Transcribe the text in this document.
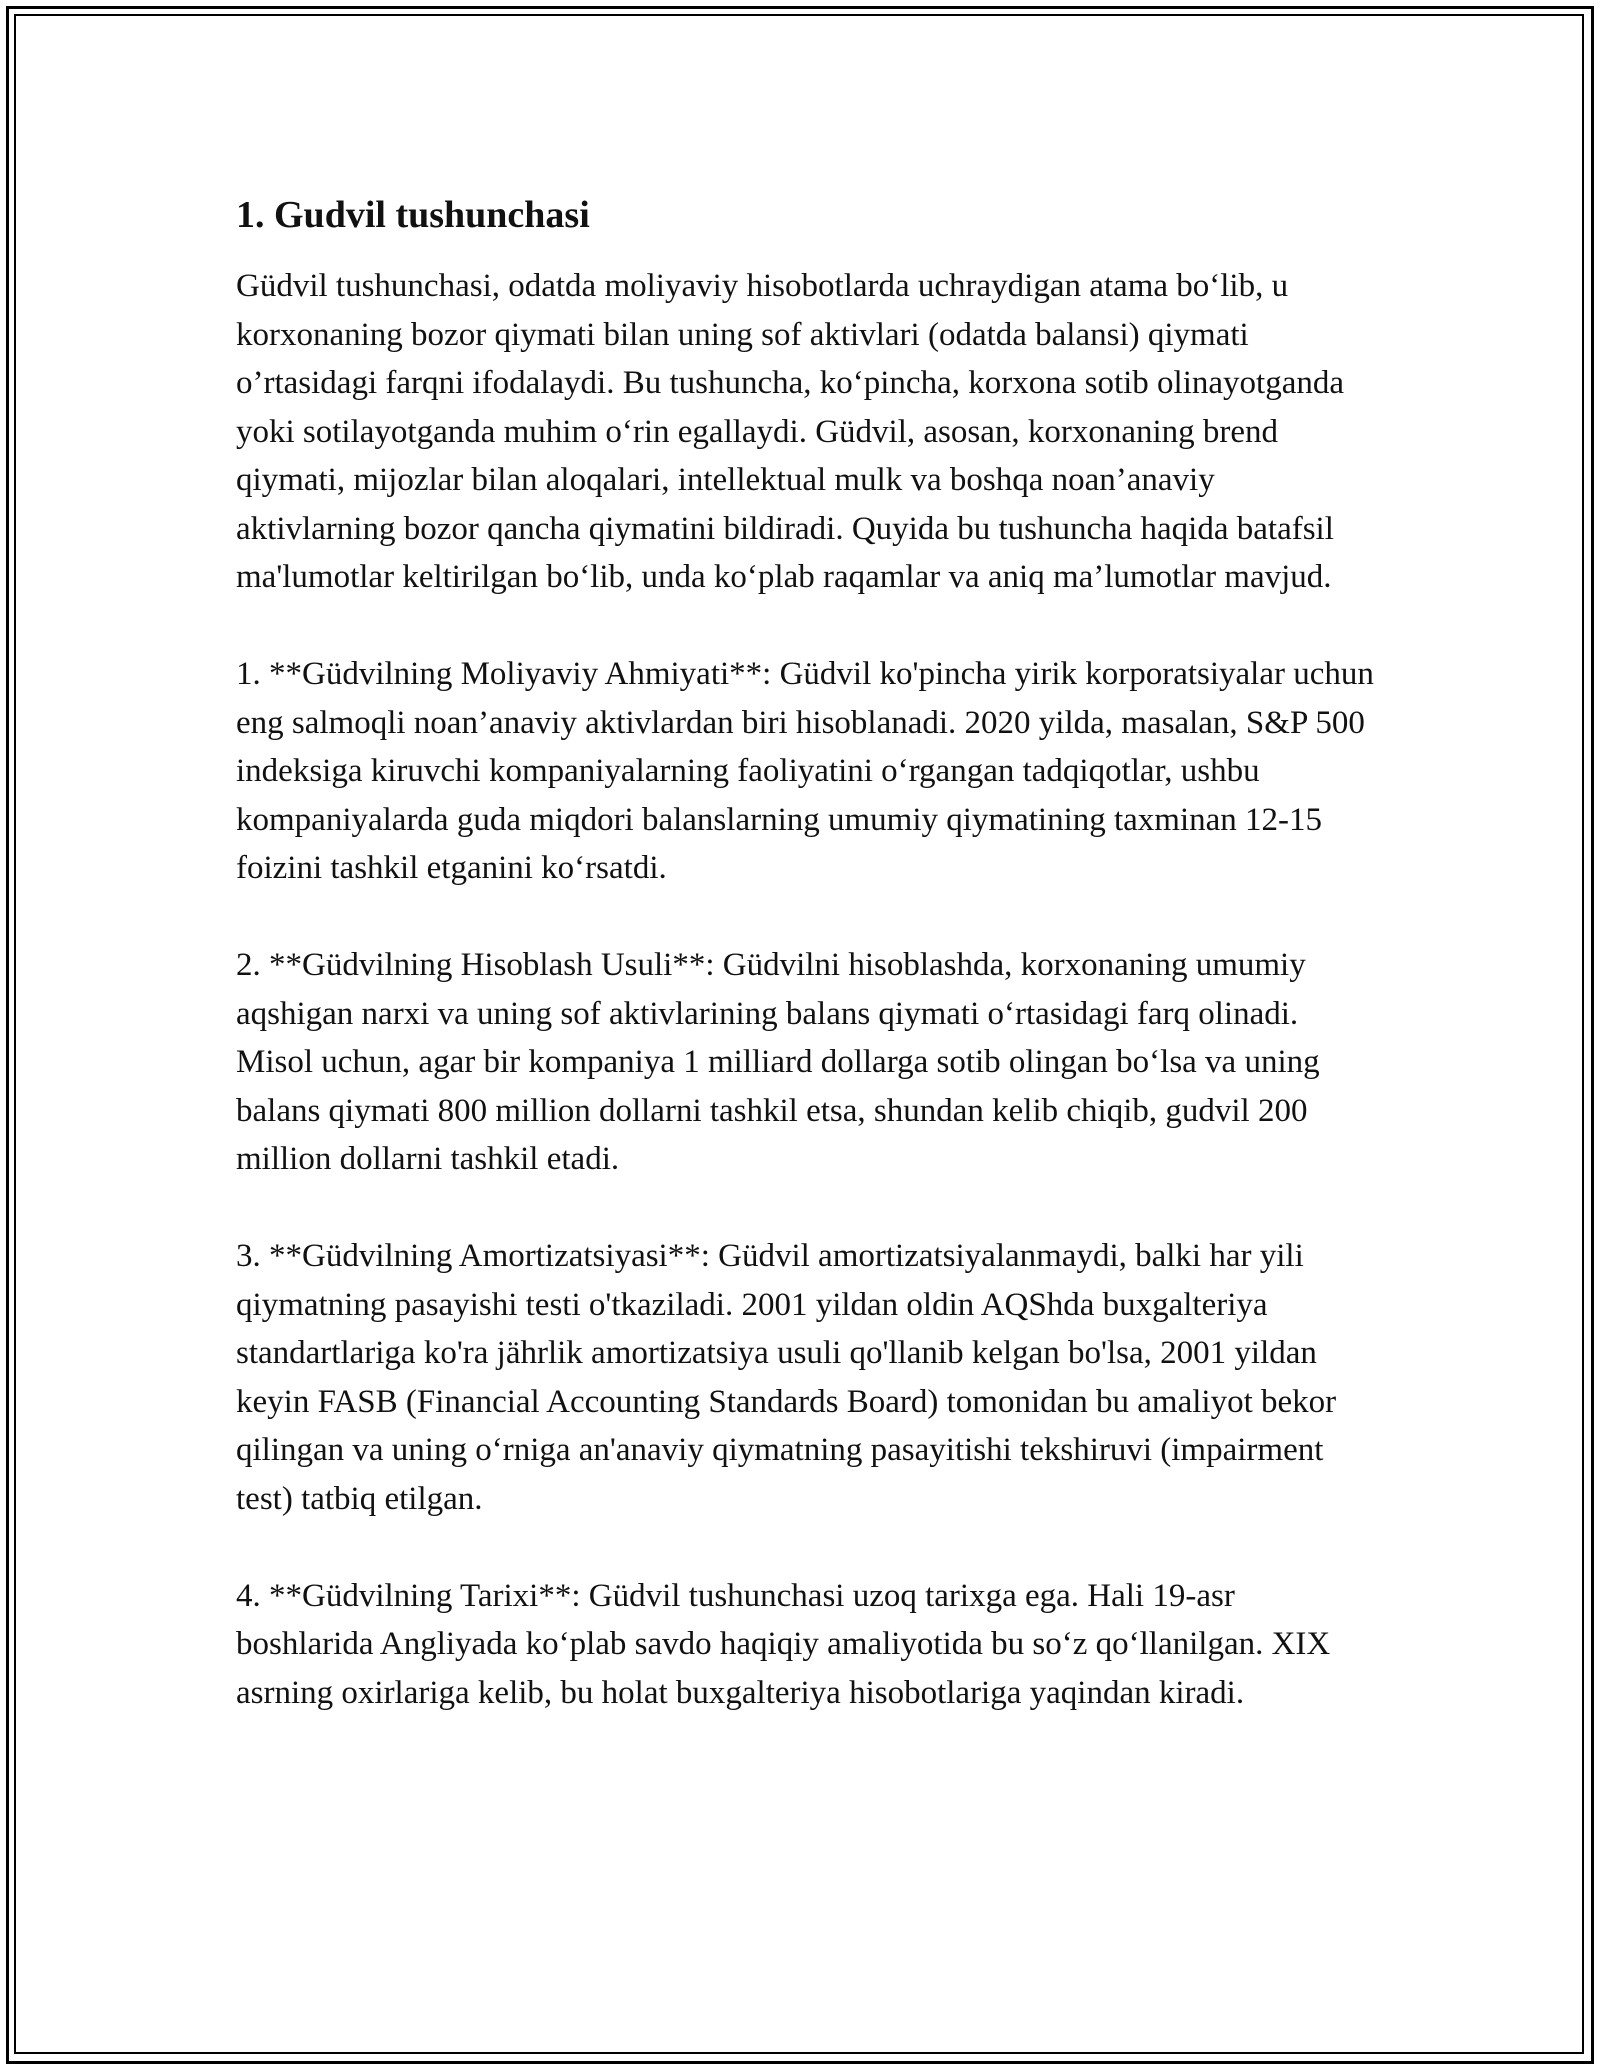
1. Gudvil tushunchasi

Güdvil tushunchasi, odatda moliyaviy hisobotlarda uchraydigan atama bo‘lib, u korxonaning bozor qiymati bilan uning sof aktivlari (odatda balansi) qiymati o’rtasidagi farqni ifodalaydi. Bu tushuncha, ko‘pincha, korxona sotib olinayotganda yoki sotilayotganda muhim o‘rin egallaydi. Güdvil, asosan, korxonaning brend qiymati, mijozlar bilan aloqalari, intellektual mulk va boshqa noan’anaviy aktivlarning bozor qancha qiymatini bildiradi. Quyida bu tushuncha haqida batafsil ma'lumotlar keltirilgan bo‘lib, unda ko‘plab raqamlar va aniq ma’lumotlar mavjud.

1. **Güdvilning Moliyaviy Ahmiyati**: Güdvil ko'pincha yirik korporatsiyalar uchun eng salmoqli noan’anaviy aktivlardan biri hisoblanadi. 2020 yilda, masalan, S&P 500 indeksiga kiruvchi kompaniyalarning faoliyatini o‘rgangan tadqiqotlar, ushbu kompaniyalarda guda miqdori balanslarning umumiy qiymatining taxminan 12-15 foizini tashkil etganini ko‘rsatdi.

2. **Güdvilning Hisoblash Usuli**: Güdvilni hisoblashda, korxonaning umumiy aqshigan narxi va uning sof aktivlarining balans qiymati o‘rtasidagi farq olinadi. Misol uchun, agar bir kompaniya 1 milliard dollarga sotib olingan bo‘lsa va uning balans qiymati 800 million dollarni tashkil etsa, shundan kelib chiqib, gudvil 200 million dollarni tashkil etadi.

3. **Güdvilning Amortizatsiyasi**: Güdvil amortizatsiyalanmaydi, balki har yili qiymatning pasayishi testi o'tkaziladi. 2001 yildan oldin AQShda buxgalteriya standartlariga ko'ra jährlik amortizatsiya usuli qo'llanib kelgan bo'lsa, 2001 yildan keyin FASB (Financial Accounting Standards Board) tomonidan bu amaliyot bekor qilingan va uning o‘rniga an'anaviy qiymatning pasayitishi tekshiruvi (impairment test) tatbiq etilgan.

4. **Güdvilning Tarixi**: Güdvil tushunchasi uzoq tarixga ega. Hali 19-asr boshlarida Angliyada ko‘plab savdo haqiqiy amaliyotida bu so‘z qo‘llanilgan. XIX asrning oxirlariga kelib, bu holat buxgalteriya hisobotlariga yaqindan kiradi.
